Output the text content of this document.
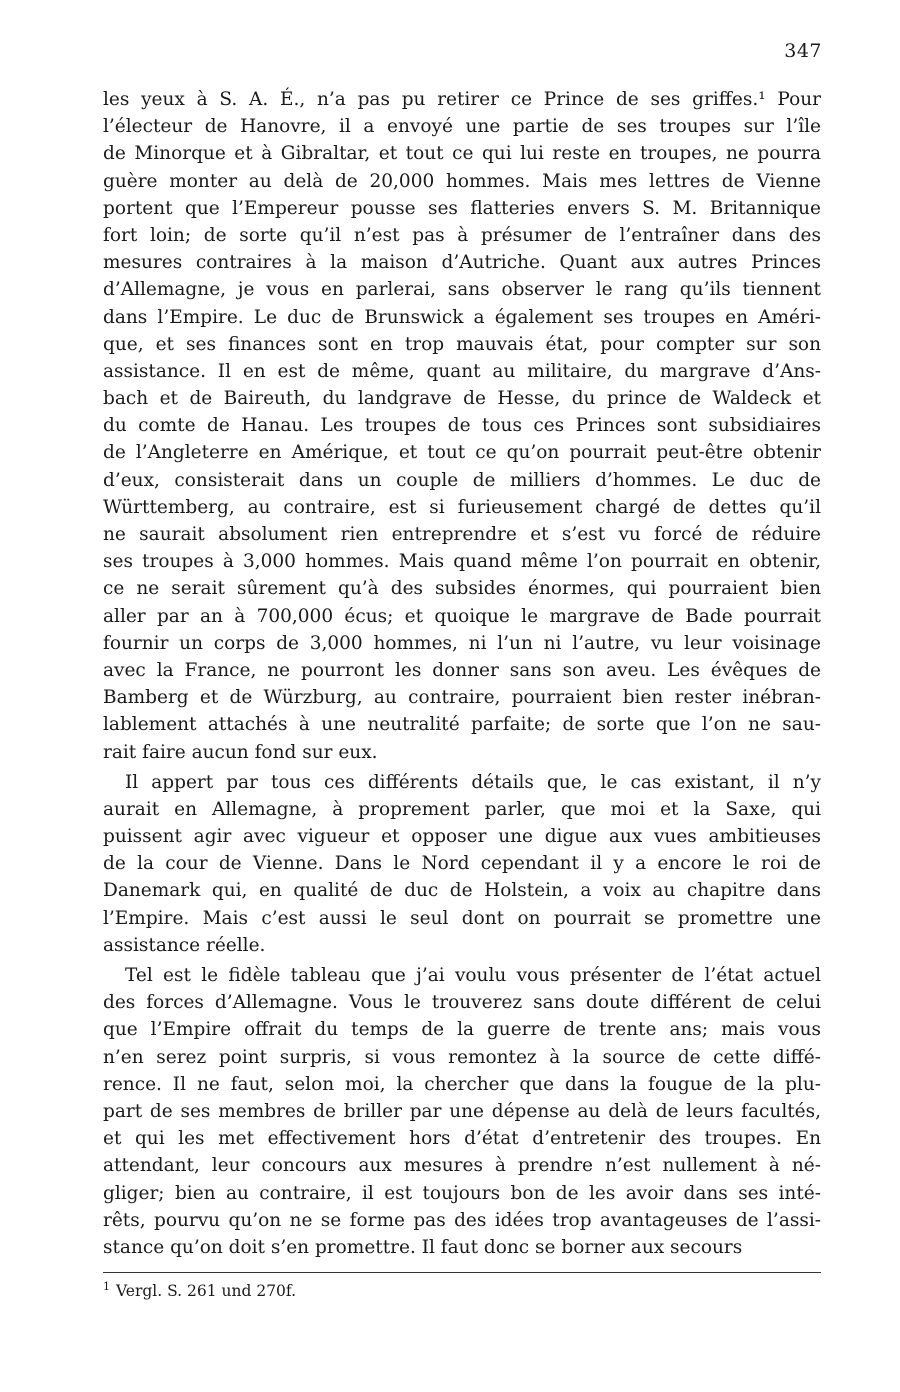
347
les yeux à S. A. É., n’a pas pu retirer ce Prince de ses griffes.¹ Pour
l’électeur de Hanovre, il a envoyé une partie de ses troupes sur l’île
de Minorque et à Gibraltar, et tout ce qui lui reste en troupes, ne pourra
guère monter au delà de 20,000 hommes. Mais mes lettres de Vienne
portent que l’Empereur pousse ses flatteries envers S. M. Britannique
fort loin; de sorte qu’il n’est pas à présumer de l’entraîner dans des
mesures contraires à la maison d’Autriche. Quant aux autres Princes
d’Allemagne, je vous en parlerai, sans observer le rang qu’ils tiennent
dans l’Empire. Le duc de Brunswick a également ses troupes en Améri-
que, et ses finances sont en trop mauvais état, pour compter sur son
assistance. Il en est de même, quant au militaire, du margrave d’Ans-
bach et de Baireuth, du landgrave de Hesse, du prince de Waldeck et
du comte de Hanau. Les troupes de tous ces Princes sont subsidiaires
de l’Angleterre en Amérique, et tout ce qu’on pourrait peut-être obtenir
d’eux, consisterait dans un couple de milliers d’hommes. Le duc de
Württemberg, au contraire, est si furieusement chargé de dettes qu’il
ne saurait absolument rien entreprendre et s’est vu forcé de réduire
ses troupes à 3,000 hommes. Mais quand même l’on pourrait en obtenir,
ce ne serait sûrement qu’à des subsides énormes, qui pourraient bien
aller par an à 700,000 écus; et quoique le margrave de Bade pourrait
fournir un corps de 3,000 hommes, ni l’un ni l’autre, vu leur voisinage
avec la France, ne pourront les donner sans son aveu. Les évêques de
Bamberg et de Würzburg, au contraire, pourraient bien rester inébran-
lablement attachés à une neutralité parfaite; de sorte que l’on ne sau-
rait faire aucun fond sur eux.
Il appert par tous ces différents détails que, le cas existant, il n’y
aurait en Allemagne, à proprement parler, que moi et la Saxe, qui
puissent agir avec vigueur et opposer une digue aux vues ambitieuses
de la cour de Vienne. Dans le Nord cependant il y a encore le roi de
Danemark qui, en qualité de duc de Holstein, a voix au chapitre dans
l’Empire. Mais c’est aussi le seul dont on pourrait se promettre une
assistance réelle.
Tel est le fidèle tableau que j’ai voulu vous présenter de l’état actuel
des forces d’Allemagne. Vous le trouverez sans doute différent de celui
que l’Empire offrait du temps de la guerre de trente ans; mais vous
n’en serez point surpris, si vous remontez à la source de cette diffé-
rence. Il ne faut, selon moi, la chercher que dans la fougue de la plu-
part de ses membres de briller par une dépense au delà de leurs facultés,
et qui les met effectivement hors d’état d’entretenir des troupes. En
attendant, leur concours aux mesures à prendre n’est nullement à né-
gliger; bien au contraire, il est toujours bon de les avoir dans ses inté-
rêts, pourvu qu’on ne se forme pas des idées trop avantageuses de l’assi-
stance qu’on doit s’en promettre. Il faut donc se borner aux secours
$^1$ Vergl. S. 261 und 270f.
